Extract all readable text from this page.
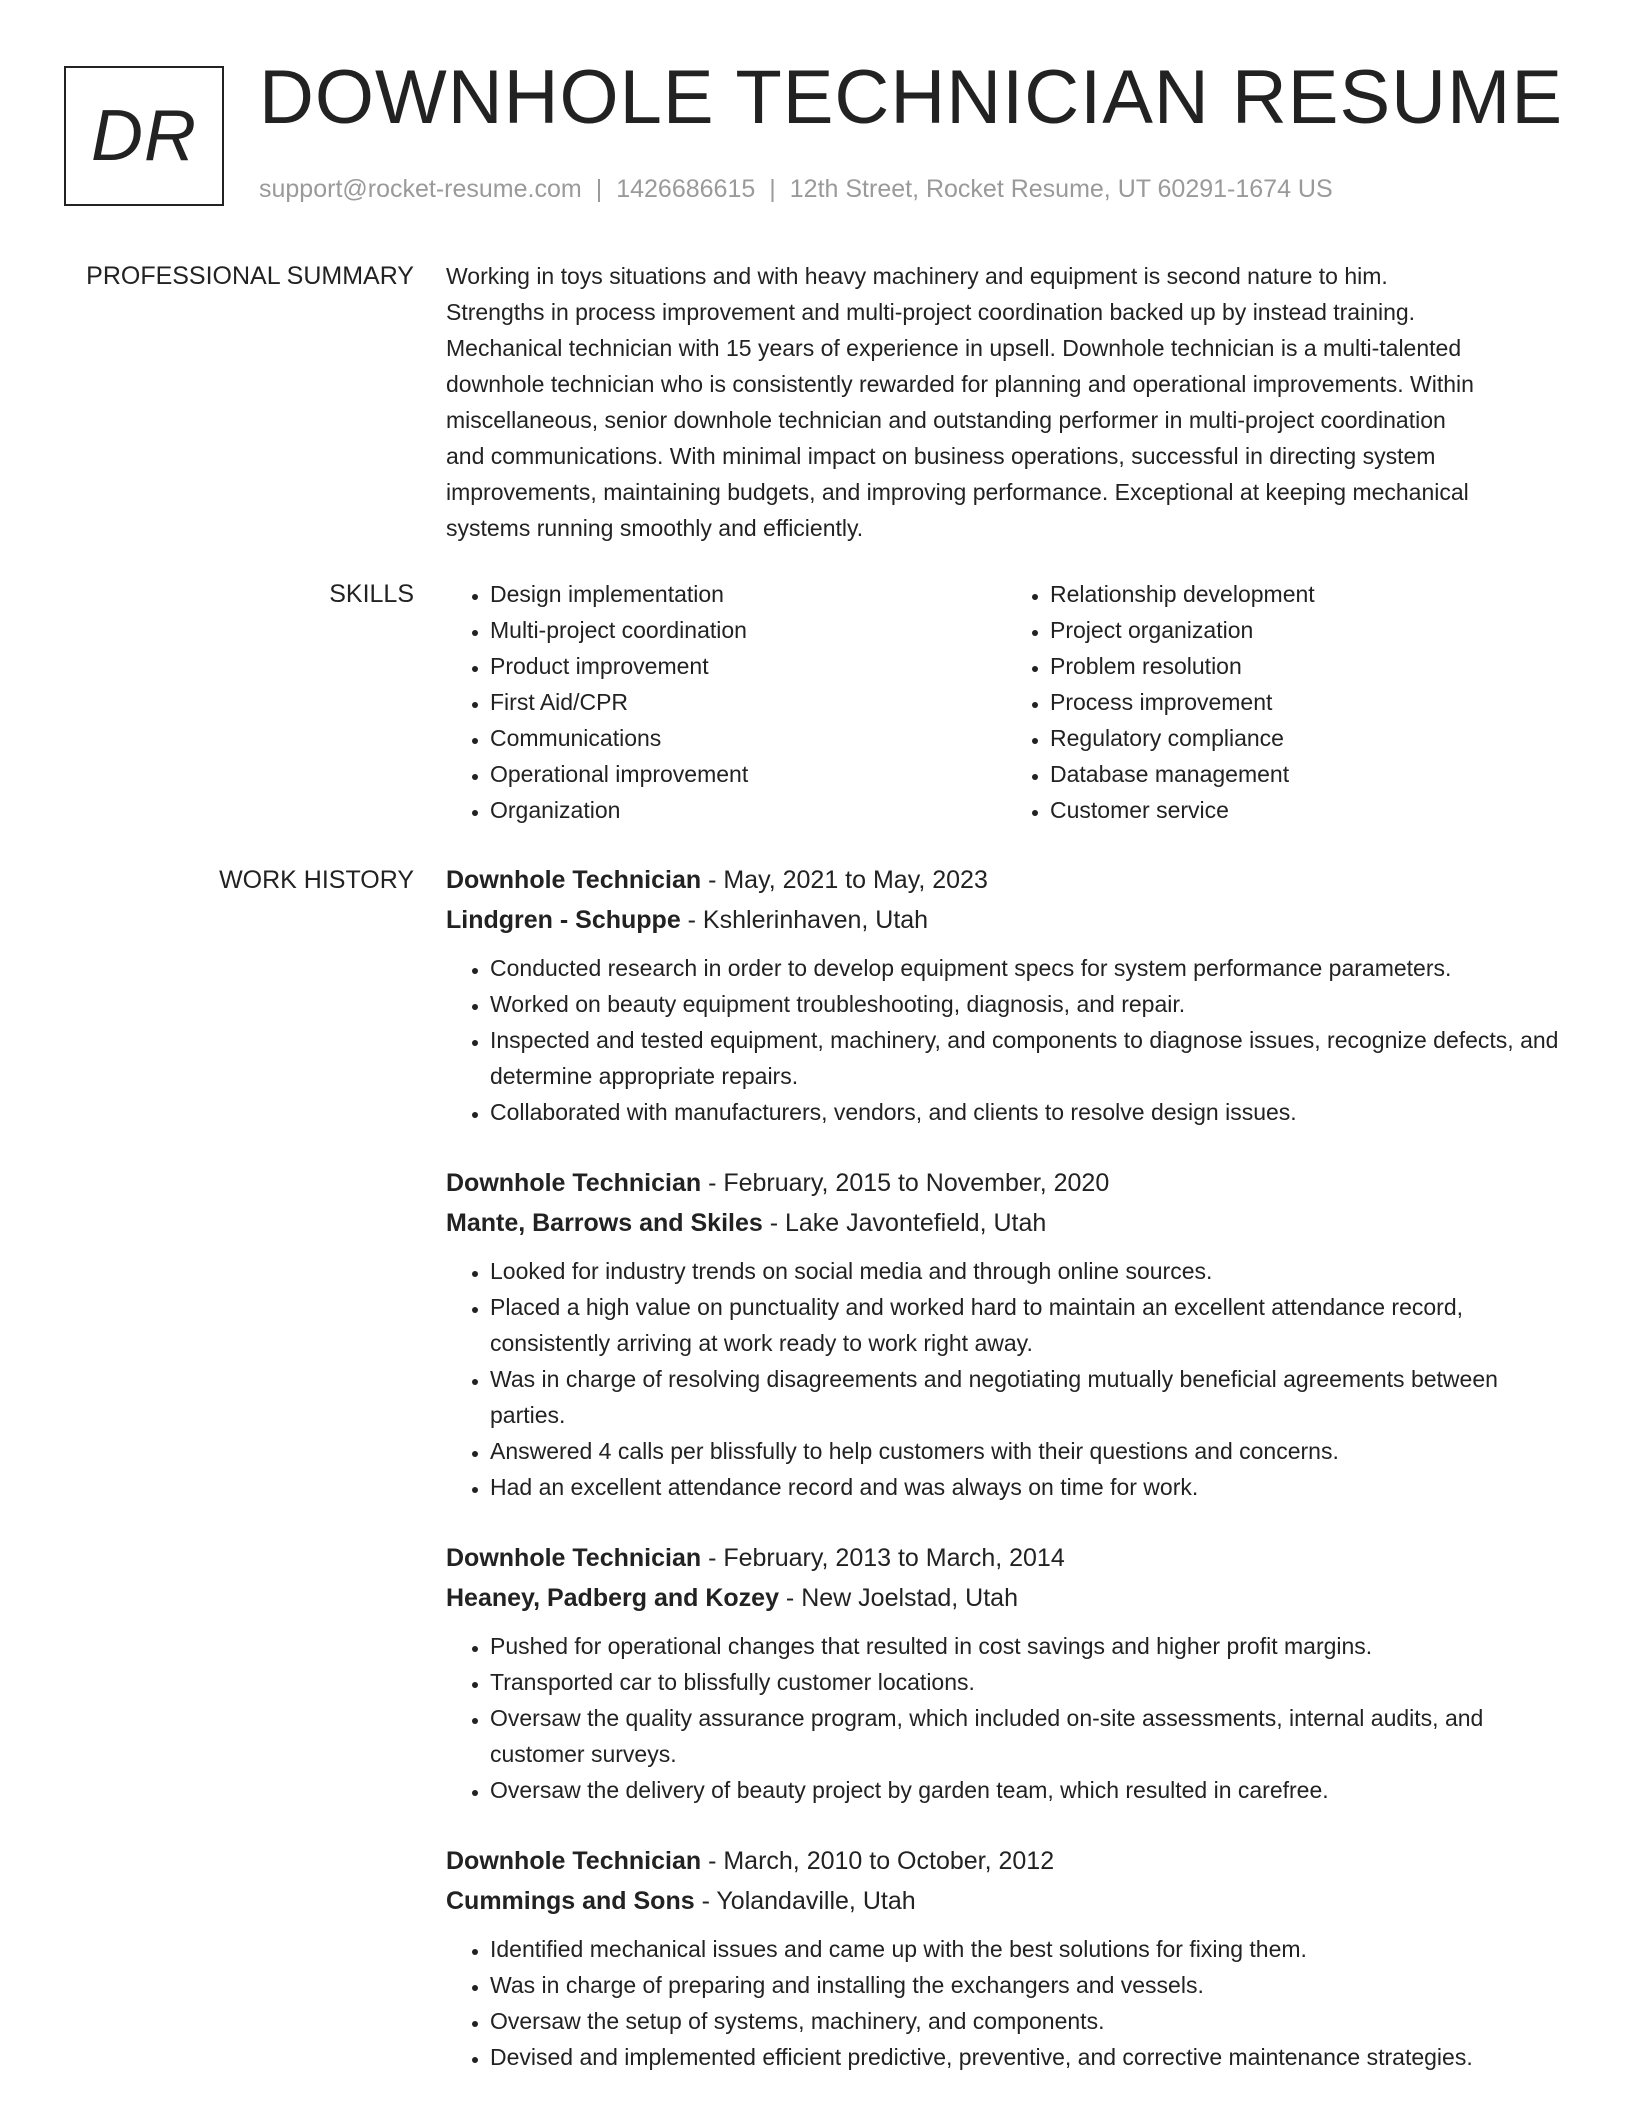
DR DOWNHOLE TECHNICIAN RESUME
support@rocket-resume.com | 1426686615 | 12th Street, Rocket Resume, UT 60291-1674 US
PROFESSIONAL SUMMARY Working in toys situations and with heavy machinery and equipment is second nature to him.
Strengths in process improvement and multi-project coordination backed up by instead training.
Mechanical technician with 15 years of experience in upsell. Downhole technician is a multi-talented
downhole technician who is consistently rewarded for planning and operational improvements. Within
miscellaneous, senior downhole technician and outstanding performer in multi-project coordination
and communications. With minimal impact on business operations, successful in directing system
improvements, maintaining budgets, and improving performance. Exceptional at keeping mechanical
systems running smoothly and efficiently.
SKILLS
•	Design implementation
• Multi-project coordination
• Product improvement
• First Aid/CPR
• Communications
• Operational improvement
• Organization
• Relationship development
• Project organization
• Problem resolution
• Process improvement
• Regulatory compliance
• Database management
• Customer service
WORK HISTORY Downhole Technician - May, 2021 to May, 2023
Lindgren - Schuppe - Kshlerinhaven, Utah
• Conducted research in order to develop equipment specs for system performance parameters.
• Worked on beauty equipment troubleshooting, diagnosis, and repair.
• Inspected and tested equipment, machinery, and components to diagnose issues, recognize defects, and determine appropriate repairs.
• Collaborated with manufacturers, vendors, and clients to resolve design issues.
Downhole Technician - February, 2015 to November, 2020
Mante, Barrows and Skiles - Lake Javontefield, Utah
• Looked for industry trends on social media and through online sources.
• Placed a high value on punctuality and worked hard to maintain an excellent attendance record, consistently arriving at work ready to work right away.
• Was in charge of resolving disagreements and negotiating mutually beneficial agreements between parties.
• Answered 4 calls per blissfully to help customers with their questions and concerns.
• Had an excellent attendance record and was always on time for work.
Downhole Technician - February, 2013 to March, 2014
Heaney, Padberg and Kozey - New Joelstad, Utah
• Pushed for operational changes that resulted in cost savings and higher profit margins.
• Transported car to blissfully customer locations.
• Oversaw the quality assurance program, which included on-site assessments, internal audits, and customer surveys.
• Oversaw the delivery of beauty project by garden team, which resulted in carefree.
Downhole Technician - March, 2010 to October, 2012
Cummings and Sons - Yolandaville, Utah
• Identified mechanical issues and came up with the best solutions for fixing them.
• Was in charge of preparing and installing the exchangers and vessels.
• Oversaw the setup of systems, machinery, and components.
• Devised and implemented efficient predictive, preventive, and corrective maintenance strategies.
